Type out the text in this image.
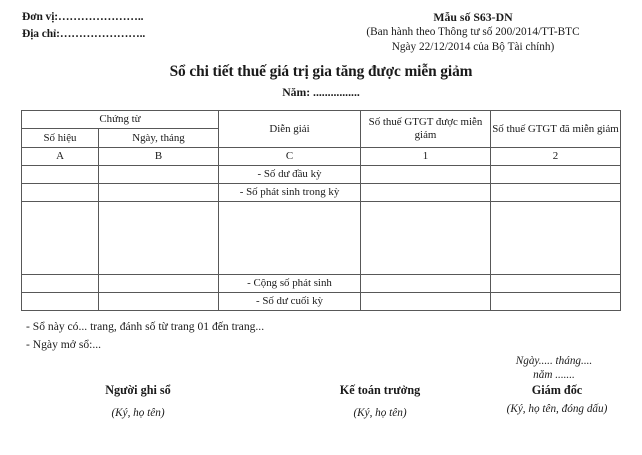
Đơn vị:…………………..
Địa chỉ:…………………..
Mẫu số S63-DN
(Ban hành theo Thông tư số 200/2014/TT-BTC
Ngày 22/12/2014 của Bộ Tài chính)
Sổ chi tiết thuế giá trị gia tăng được miễn giảm
Năm: ................
Chứng từ		Diễn giải	Số thuế GTGT được miễn giảm	Số thuế GTGT đã miễn giảm
Số hiệu	Ngày, tháng			
A	B	C	1	2
		- Số dư đầu kỳ		
		- Số phát sinh trong kỳ		

		- Cộng số phát sinh		
		- Số dư cuối kỳ		
- Sổ này có... trang, đánh số từ trang 01 đến trang...
- Ngày mở sổ:...
Ngày..... tháng....
năm .......
Người ghi sổ
(Ký, họ tên)
Kế toán trưởng
(Ký, họ tên)
Giám đốc
(Ký, họ tên, đóng dấu)
